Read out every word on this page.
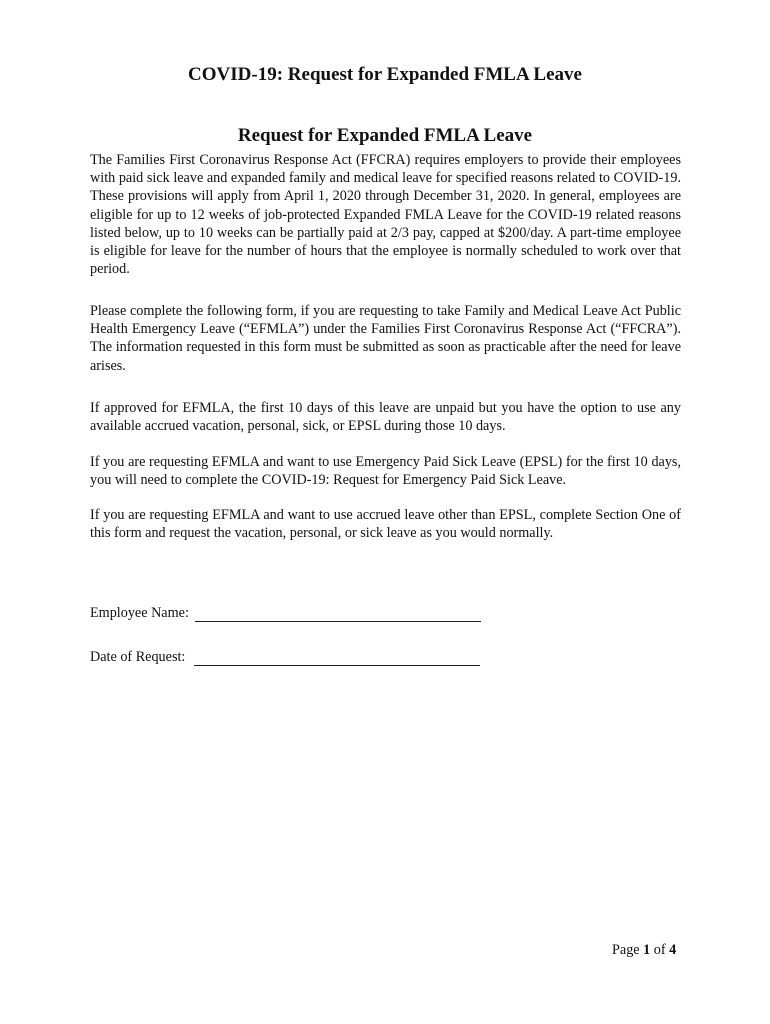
COVID-19: Request for Expanded FMLA Leave
Request for Expanded FMLA Leave

The Families First Coronavirus Response Act (FFCRA) requires employers to provide their employees with paid sick leave and expanded family and medical leave for specified reasons related to COVID-19. These provisions will apply from April 1, 2020 through December 31, 2020. In general, employees are eligible for up to 12 weeks of job-protected Expanded FMLA Leave for the COVID-19 related reasons listed below, up to 10 weeks can be partially paid at 2/3 pay, capped at $200/day. A part-time employee is eligible for leave for the number of hours that the employee is normally scheduled to work over that period.

Please complete the following form, if you are requesting to take Family and Medical Leave Act Public Health Emergency Leave (“EFMLA”) under the Families First Coronavirus Response Act (“FFCRA”). The information requested in this form must be submitted as soon as practicable after the need for leave arises.

If approved for EFMLA, the first 10 days of this leave are unpaid but you have the option to use any available accrued vacation, personal, sick, or EPSL during those 10 days.

If you are requesting EFMLA and want to use Emergency Paid Sick Leave (EPSL) for the first 10 days, you will need to complete the COVID-19: Request for Emergency Paid Sick Leave.

If you are requesting EFMLA and want to use accrued leave other than EPSL, complete Section One of this form and request the vacation, personal, or sick leave as you would normally.

Employee Name:
Date of Request:
Page 1 of 4
